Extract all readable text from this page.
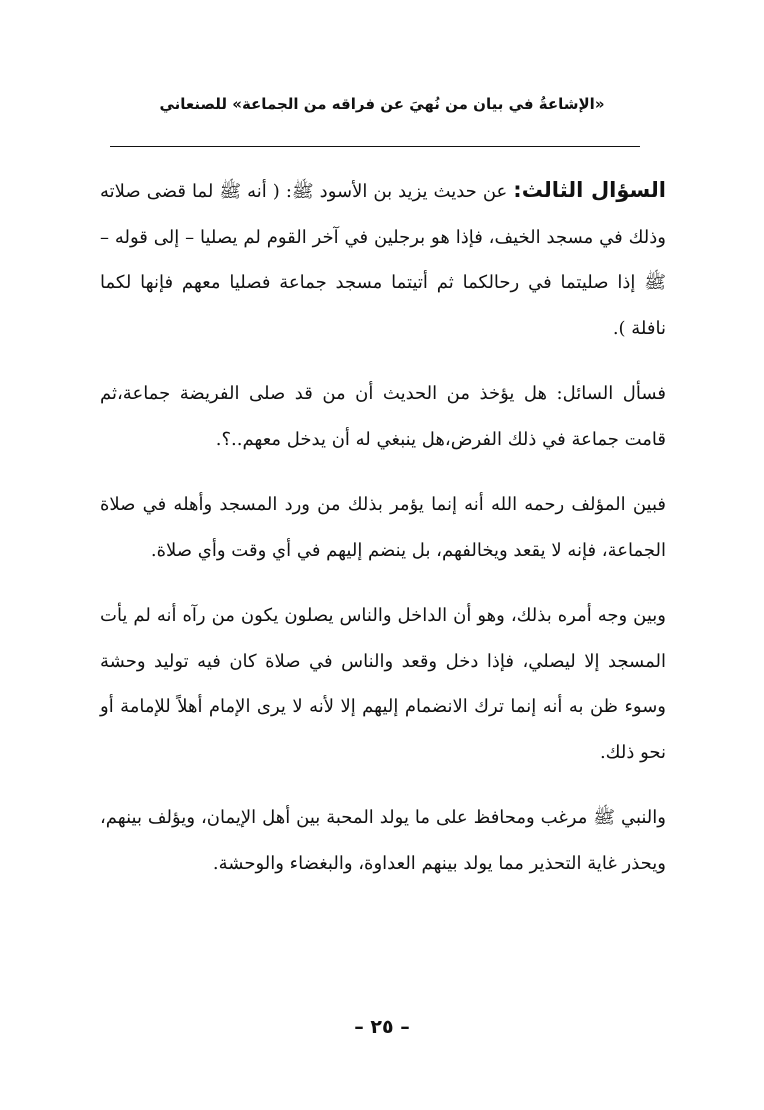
«الإشاعةُ في بيان من نُهيَ عن فراقه من الجماعة» للصنعاني

السؤال الثالث: عن حديث يزيد بن الأسود ﷺ: ( أنه ﷺ لما قضى صلاته وذلك في مسجد الخيف، فإذا هو برجلين في آخر القوم لم يصليا – إلى قوله – ﷺ إذا صليتما في رحالكما ثم أتيتما مسجد جماعة فصليا معهم فإنها لكما نافلة ).

فسأل السائل: هل يؤخذ من الحديث أن من قد صلى الفريضة جماعة،ثم قامت جماعة في ذلك الفرض،هل ينبغي له أن يدخل معهم..؟.

فبين المؤلف رحمه الله أنه إنما يؤمر بذلك من ورد المسجد وأهله في صلاة الجماعة، فإنه لا يقعد ويخالفهم، بل ينضم إليهم في أي وقت وأي صلاة.

وبين وجه أمره بذلك، وهو أن الداخل والناس يصلون يكون من رآه أنه لم يأت المسجد إلا ليصلي، فإذا دخل وقعد والناس في صلاة كان فيه توليد وحشة وسوء ظن به أنه إنما ترك الانضمام إليهم إلا لأنه لا يرى الإمام أهلاً للإمامة أو نحو ذلك.

والنبي ﷺ مرغب ومحافظ على ما يولد المحبة بين أهل الإيمان، ويؤلف بينهم، ويحذر غاية التحذير مما يولد بينهم العداوة، والبغضاء والوحشة.

– ٢٥ –
